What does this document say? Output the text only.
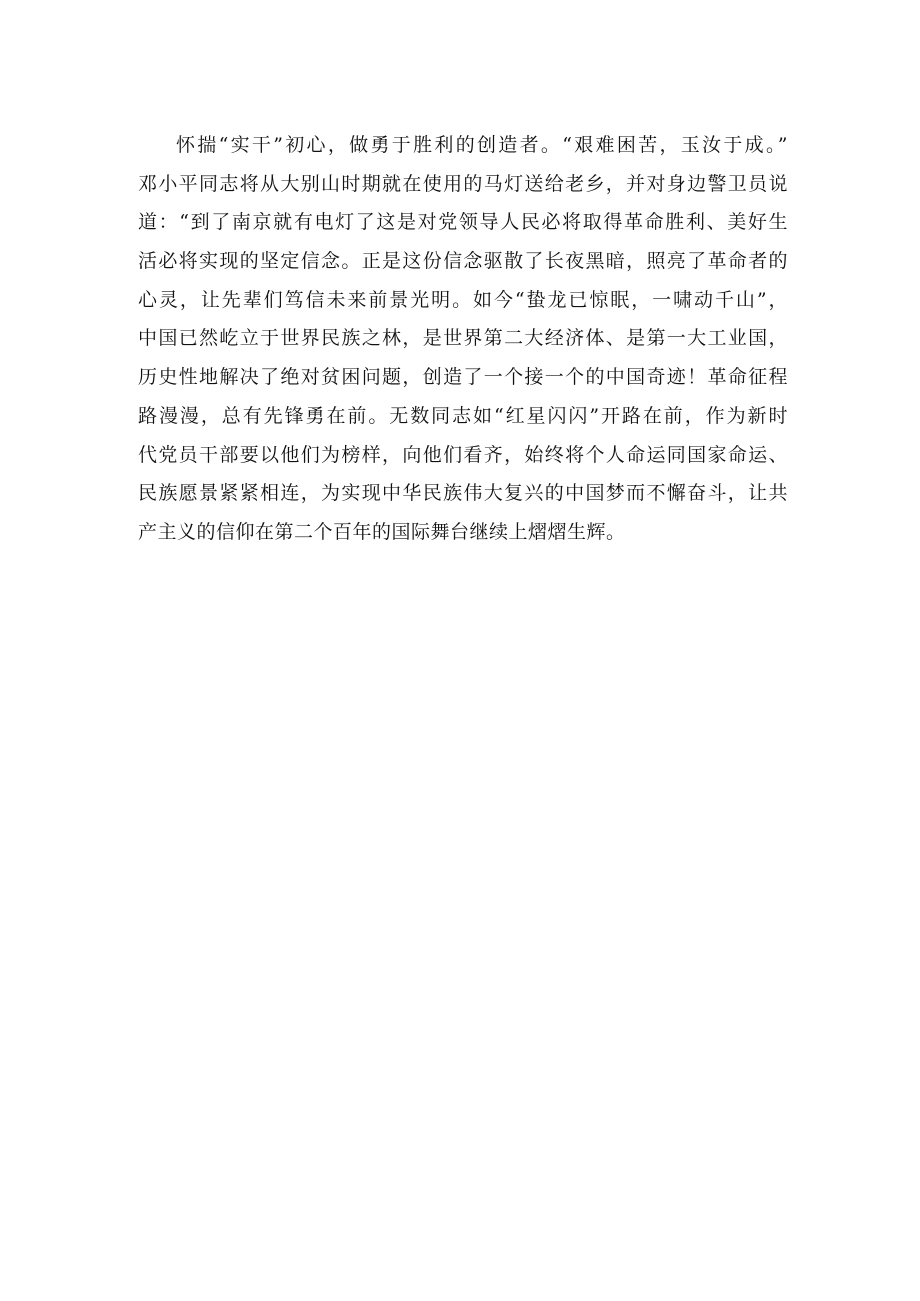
怀揣“实干”初心，做勇于胜利的创造者。“艰难困苦，玉汝于成。”
邓小平同志将从大别山时期就在使用的马灯送给老乡，并对身边警卫员说
道：“到了南京就有电灯了这是对党领导人民必将取得革命胜利、美好生
活必将实现的坚定信念。正是这份信念驱散了长夜黑暗，照亮了革命者的
心灵，让先辈们笃信未来前景光明。如今“蛰龙已惊眠，一啸动千山”，
中国已然屹立于世界民族之林，是世界第二大经济体、是第一大工业国，
历史性地解决了绝对贫困问题，创造了一个接一个的中国奇迹！革命征程
路漫漫，总有先锋勇在前。无数同志如“红星闪闪”开路在前，作为新时
代党员干部要以他们为榜样，向他们看齐，始终将个人命运同国家命运、
民族愿景紧紧相连，为实现中华民族伟大复兴的中国梦而不懈奋斗，让共
产主义的信仰在第二个百年的国际舞台继续上熠熠生辉。
